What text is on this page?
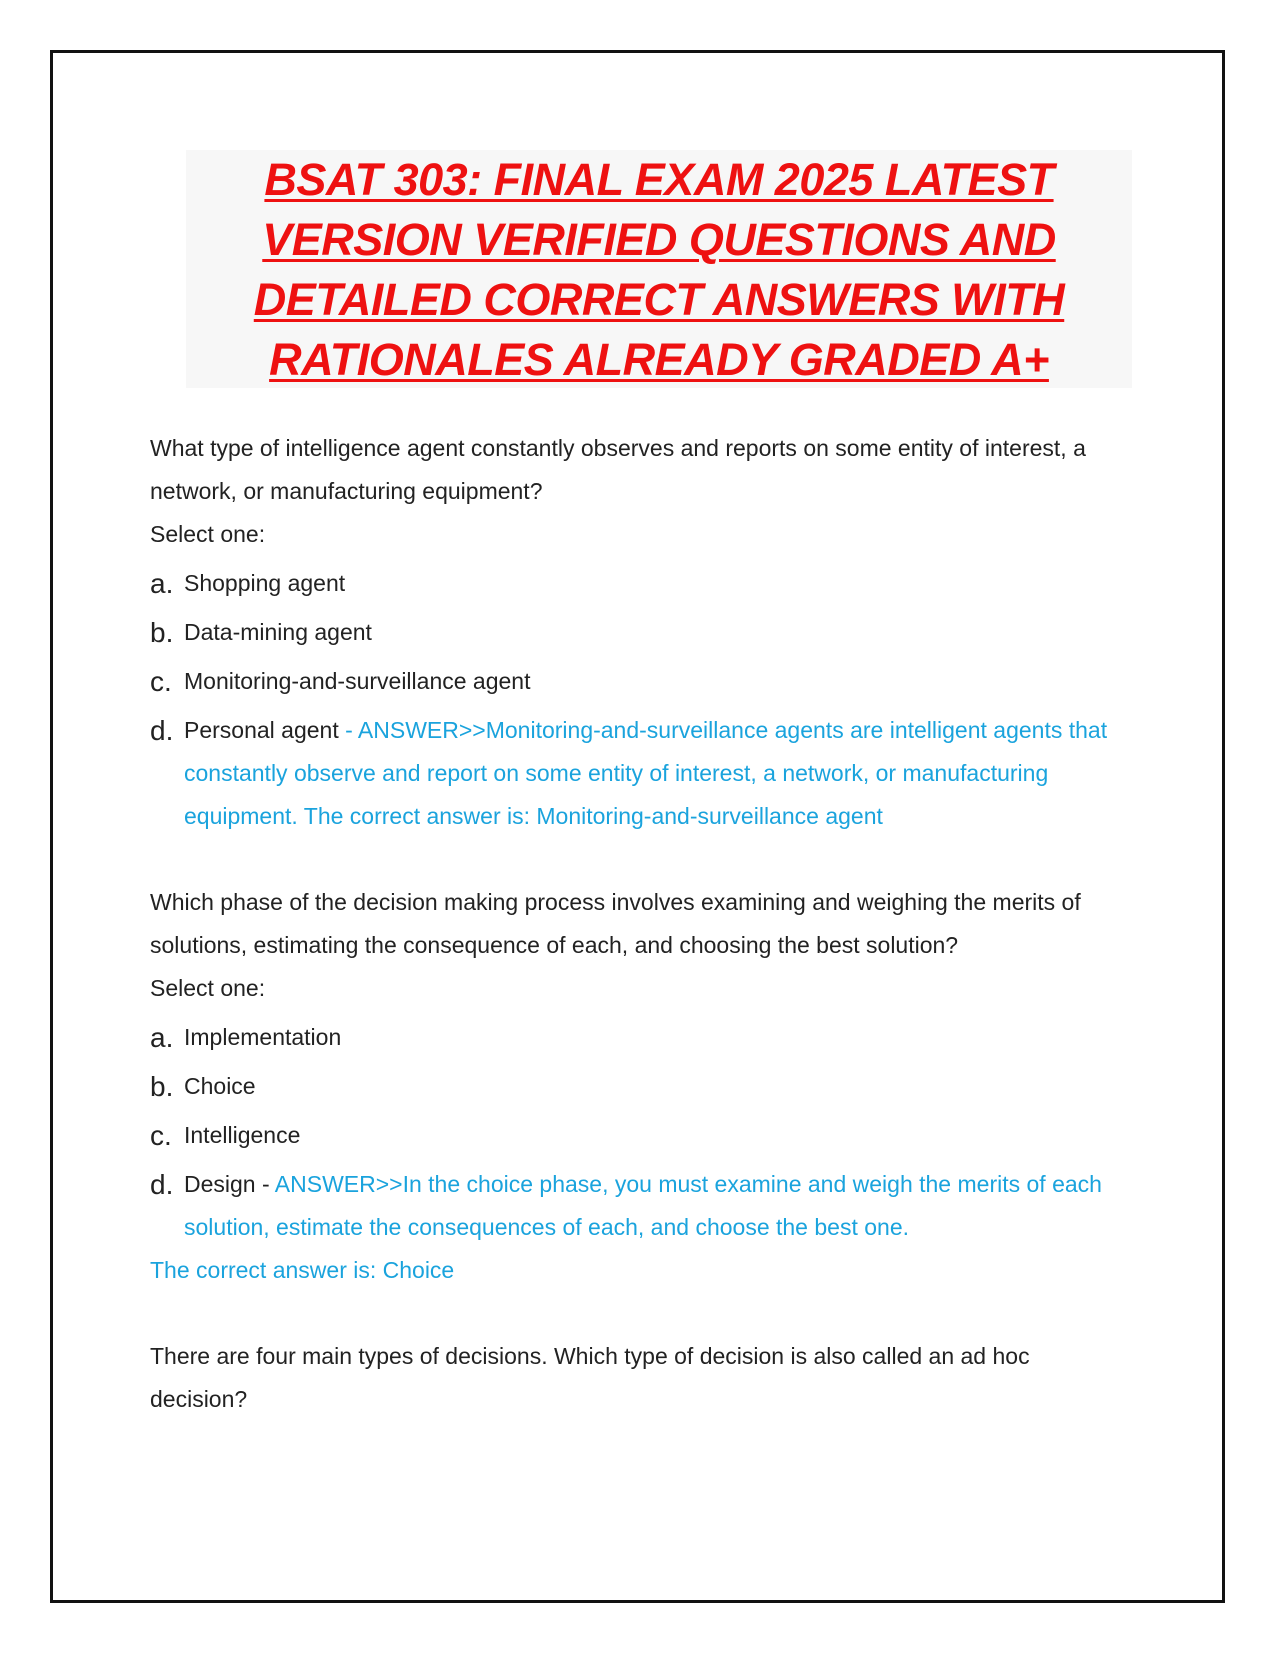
BSAT 303: FINAL EXAM 2025 LATEST
VERSION VERIFIED QUESTIONS AND
DETAILED CORRECT ANSWERS WITH
RATIONALES ALREADY GRADED A+
What type of intelligence agent constantly observes and reports on some entity of interest, a network, or manufacturing equipment?
Select one:
a. Shopping agent
b. Data-mining agent
c. Monitoring-and-surveillance agent
d. Personal agent - ANSWER>>Monitoring-and-surveillance agents are intelligent agents that constantly observe and report on some entity of interest, a network, or manufacturing equipment. The correct answer is: Monitoring-and-surveillance agent
Which phase of the decision making process involves examining and weighing the merits of solutions, estimating the consequence of each, and choosing the best solution?
Select one:
a. Implementation
b. Choice
c. Intelligence
d. Design - ANSWER>>In the choice phase, you must examine and weigh the merits of each solution, estimate the consequences of each, and choose the best one.
The correct answer is: Choice
There are four main types of decisions. Which type of decision is also called an ad hoc decision?
